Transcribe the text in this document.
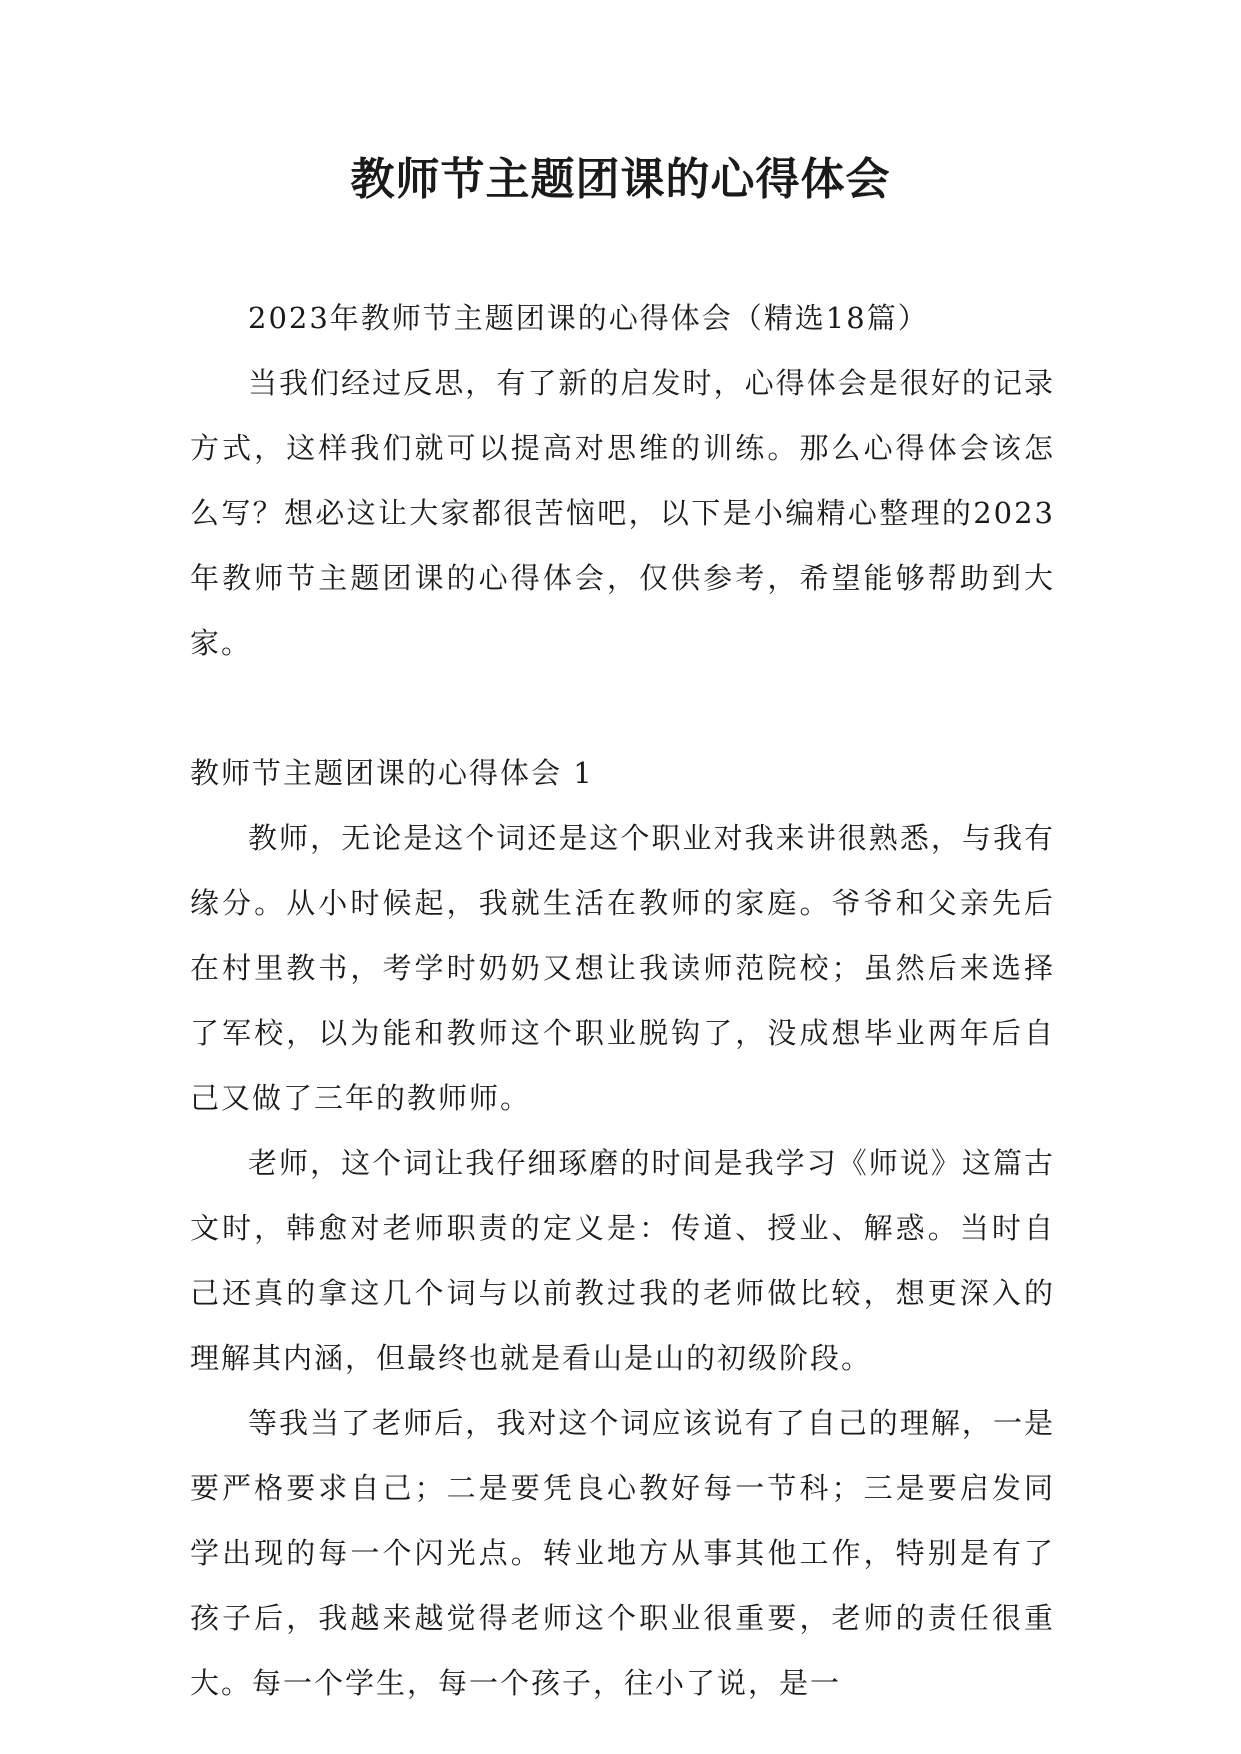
教师节主题团课的心得体会

2023年教师节主题团课的心得体会（精选18篇）

当我们经过反思，有了新的启发时，心得体会是很好的记录方式，这样我们就可以提高对思维的训练。那么心得体会该怎么写？想必这让大家都很苦恼吧，以下是小编精心整理的2023年教师节主题团课的心得体会，仅供参考，希望能够帮助到大家。

教师节主题团课的心得体会 1

教师，无论是这个词还是这个职业对我来讲很熟悉，与我有缘分。从小时候起，我就生活在教师的家庭。爷爷和父亲先后在村里教书，考学时奶奶又想让我读师范院校；虽然后来选择了军校，以为能和教师这个职业脱钩了，没成想毕业两年后自己又做了三年的教师师。

老师，这个词让我仔细琢磨的时间是我学习《师说》这篇古文时，韩愈对老师职责的定义是：传道、授业、解惑。当时自己还真的拿这几个词与以前教过我的老师做比较，想更深入的理解其内涵，但最终也就是看山是山的初级阶段。

等我当了老师后，我对这个词应该说有了自己的理解，一是要严格要求自己；二是要凭良心教好每一节科；三是要启发同学出现的每一个闪光点。转业地方从事其他工作，特别是有了孩子后，我越来越觉得老师这个职业很重要，老师的责任很重大。每一个学生，每一个孩子，往小了说，是一
